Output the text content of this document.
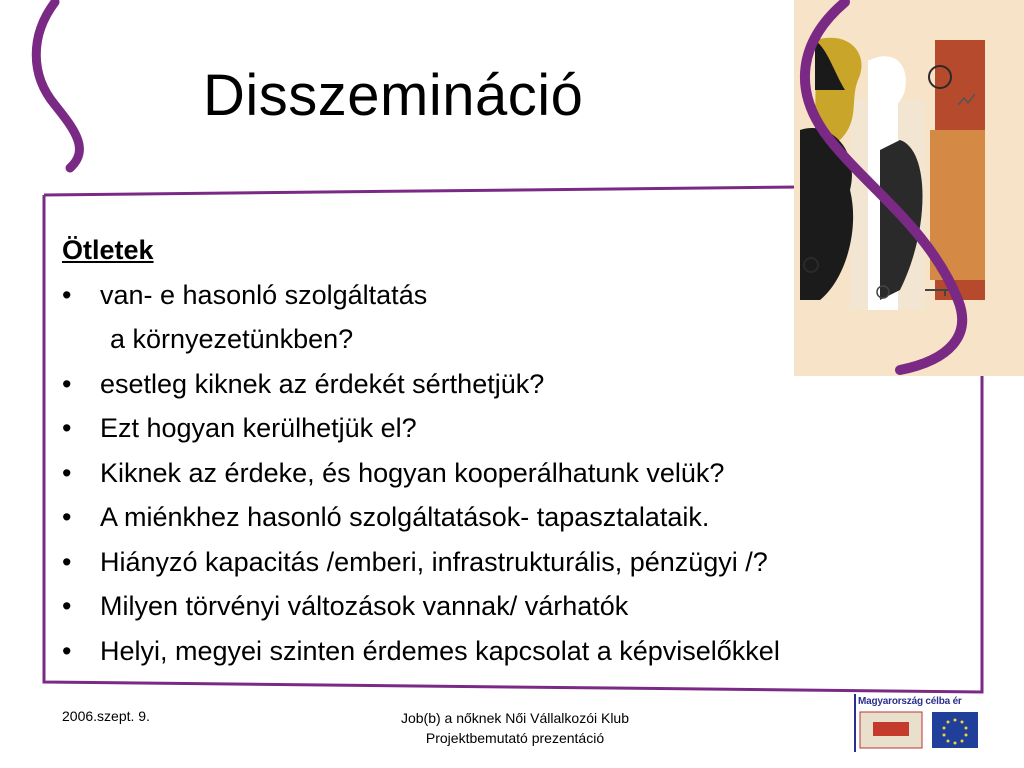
Disszemináció
Ötletek
• van- e hasonló szolgáltatás
a környezetünkben?
• esetleg kiknek az érdekét sérthetjük?
• Ezt hogyan kerülhetjük el?
• Kiknek az érdeke, és hogyan kooperálhatunk velük?
• A miénkhez hasonló szolgáltatások- tapasztalataik.
• Hiányzó kapacitás /emberi, infrastrukturális, pénzügyi /?
• Milyen törvényi változások vannak/ várhatók
• Helyi, megyei szinten érdemes kapcsolat a képviselőkkel
2006.szept. 9.	Job(b) a nőknek Női Vállalkozói Klub
Projektbemutató prezentáció
Magyarország célba ér
